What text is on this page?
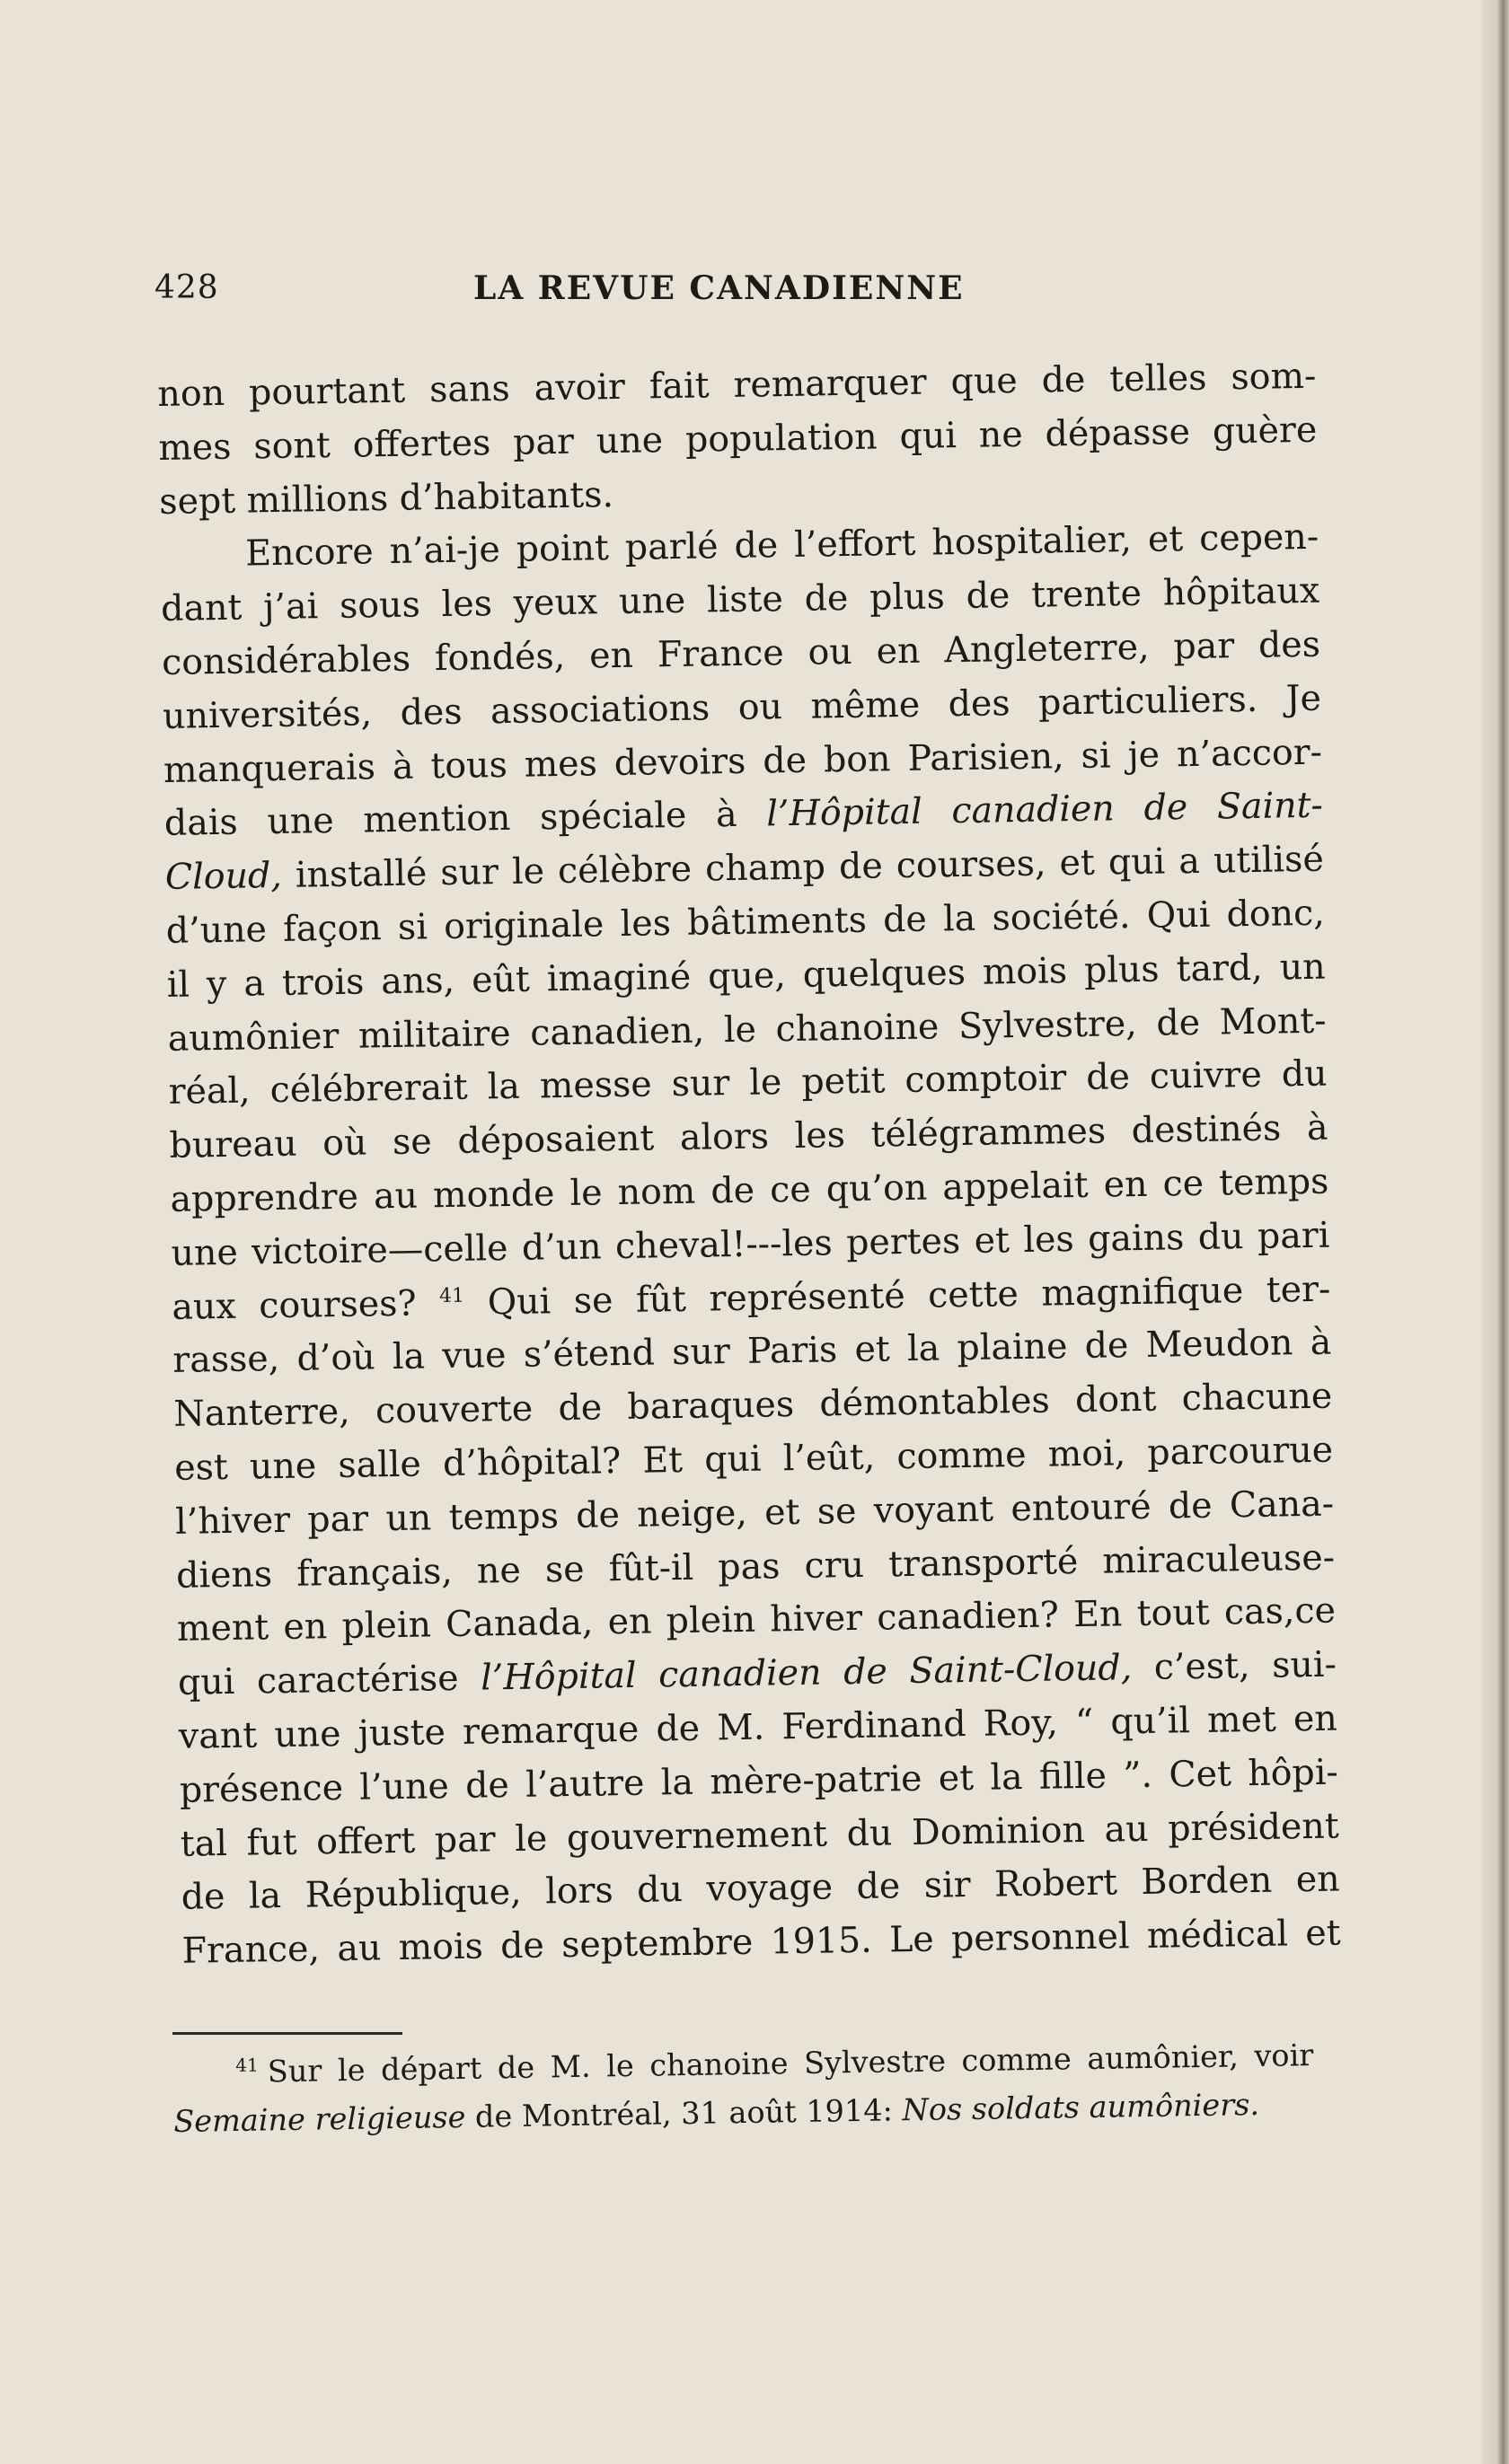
428	LA REVUE CANADIENNE
non pourtant sans avoir fait remarquer que de telles som-
mes sont offertes par une population qui ne dépasse guère
sept millions d’habitants.
Encore n’ai-je point parlé de l’effort hospitalier, et cepen-
dant j’ai sous les yeux une liste de plus de trente hôpitaux
considérables fondés, en France ou en Angleterre, par des
universités, des associations ou même des particuliers. Je
manquerais à tous mes devoirs de bon Parisien, si je n’accor-
dais une mention spéciale à l’Hôpital canadien de Saint-
Cloud, installé sur le célèbre champ de courses, et qui a utilisé
d’une façon si originale les bâtiments de la société. Qui donc,
il y a trois ans, eût imaginé que, quelques mois plus tard, un
aumônier militaire canadien, le chanoine Sylvestre, de Mont-
réal, célébrerait la messe sur le petit comptoir de cuivre du
bureau où se déposaient alors les télégrammes destinés à
apprendre au monde le nom de ce qu’on appelait en ce temps
une victoire—celle d’un cheval!---les pertes et les gains du pari
aux courses? $^{41}$ Qui se fût représenté cette magnifique ter-
rasse, d’où la vue s’étend sur Paris et la plaine de Meudon à
Nanterre, couverte de baraques démontables dont chacune
est une salle d’hôpital? Et qui l’eût, comme moi, parcourue
l’hiver par un temps de neige, et se voyant entouré de Cana-
diens français, ne se fût-il pas cru transporté miraculeuse-
ment en plein Canada, en plein hiver canadien? En tout cas,ce
qui caractérise l’Hôpital canadien de Saint-Cloud, c’est, sui-
vant une juste remarque de M. Ferdinand Roy, “ qu’il met en
présence l’une de l’autre la mère-patrie et la fille ”. Cet hôpi-
tal fut offert par le gouvernement du Dominion au président
de la République, lors du voyage de sir Robert Borden en
France, au mois de septembre 1915. Le personnel médical et
$^{41}$ Sur le départ de M. le chanoine Sylvestre comme aumônier, voir
Semaine religieuse de Montréal, 31 août 1914: Nos soldats aumôniers.
